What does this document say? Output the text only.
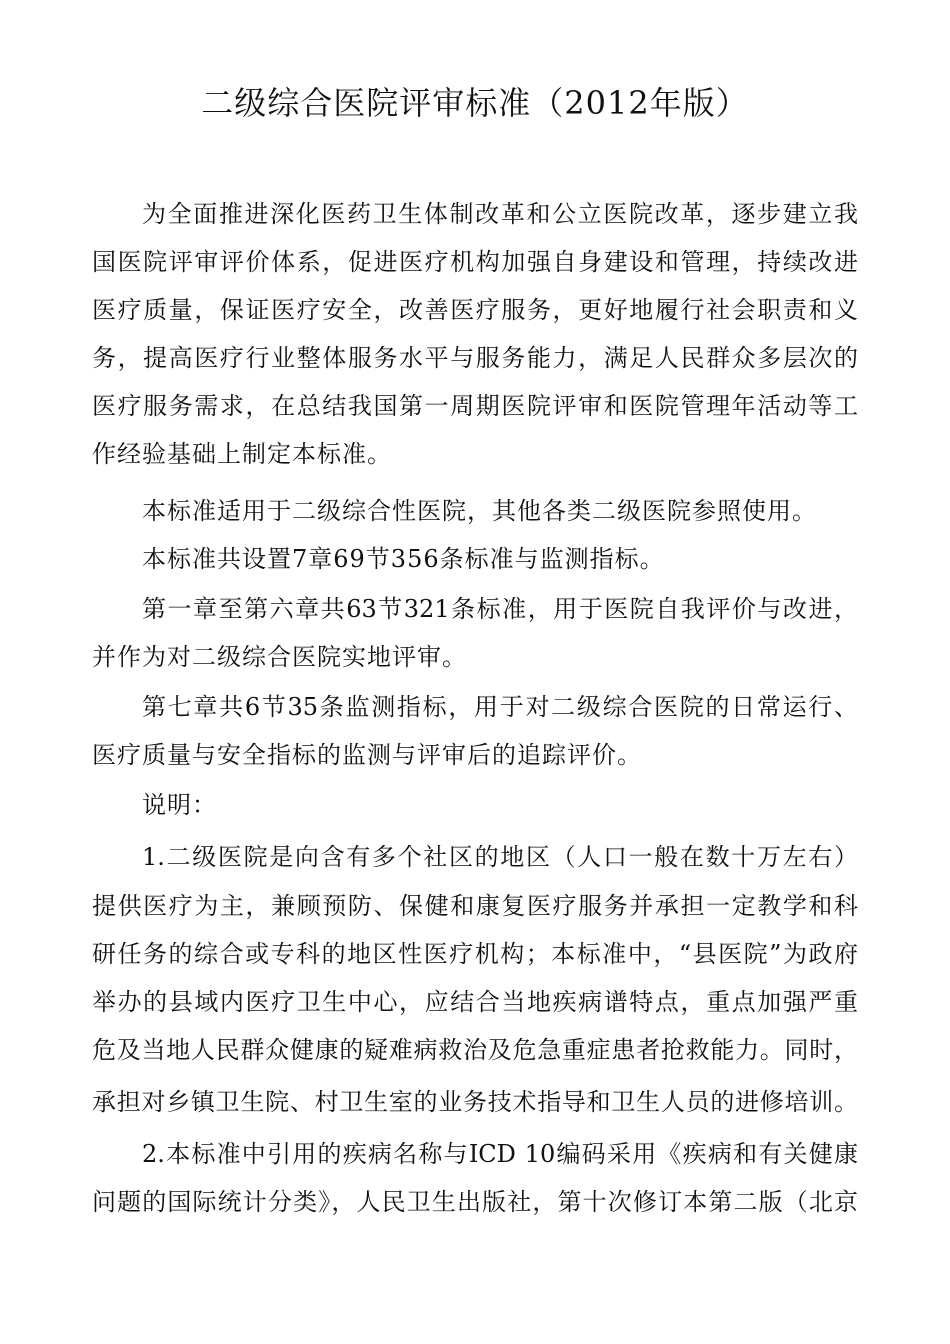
二级综合医院评审标准（2012年版）
为全面推进深化医药卫生体制改革和公立医院改革，逐步建立我
国医院评审评价体系，促进医疗机构加强自身建设和管理，持续改进
医疗质量，保证医疗安全，改善医疗服务，更好地履行社会职责和义
务，提高医疗行业整体服务水平与服务能力，满足人民群众多层次的
医疗服务需求，在总结我国第一周期医院评审和医院管理年活动等工
作经验基础上制定本标准。
本标准适用于二级综合性医院，其他各类二级医院参照使用。
本标准共设置7章69节356条标准与监测指标。
第一章至第六章共63节321条标准，用于医院自我评价与改进，
并作为对二级综合医院实地评审。
第七章共6节35条监测指标，用于对二级综合医院的日常运行、
医疗质量与安全指标的监测与评审后的追踪评价。
说明：
1.二级医院是向含有多个社区的地区（人口一般在数十万左右）
提供医疗为主，兼顾预防、保健和康复医疗服务并承担一定教学和科
研任务的综合或专科的地区性医疗机构；本标准中，“县医院”为政府
举办的县域内医疗卫生中心，应结合当地疾病谱特点，重点加强严重
危及当地人民群众健康的疑难病救治及危急重症患者抢救能力。同时，
承担对乡镇卫生院、村卫生室的业务技术指导和卫生人员的进修培训。
2.本标准中引用的疾病名称与ICD 10编码采用《疾病和有关健康
问题的国际统计分类》，人民卫生出版社，第十次修订本第二版（北京
